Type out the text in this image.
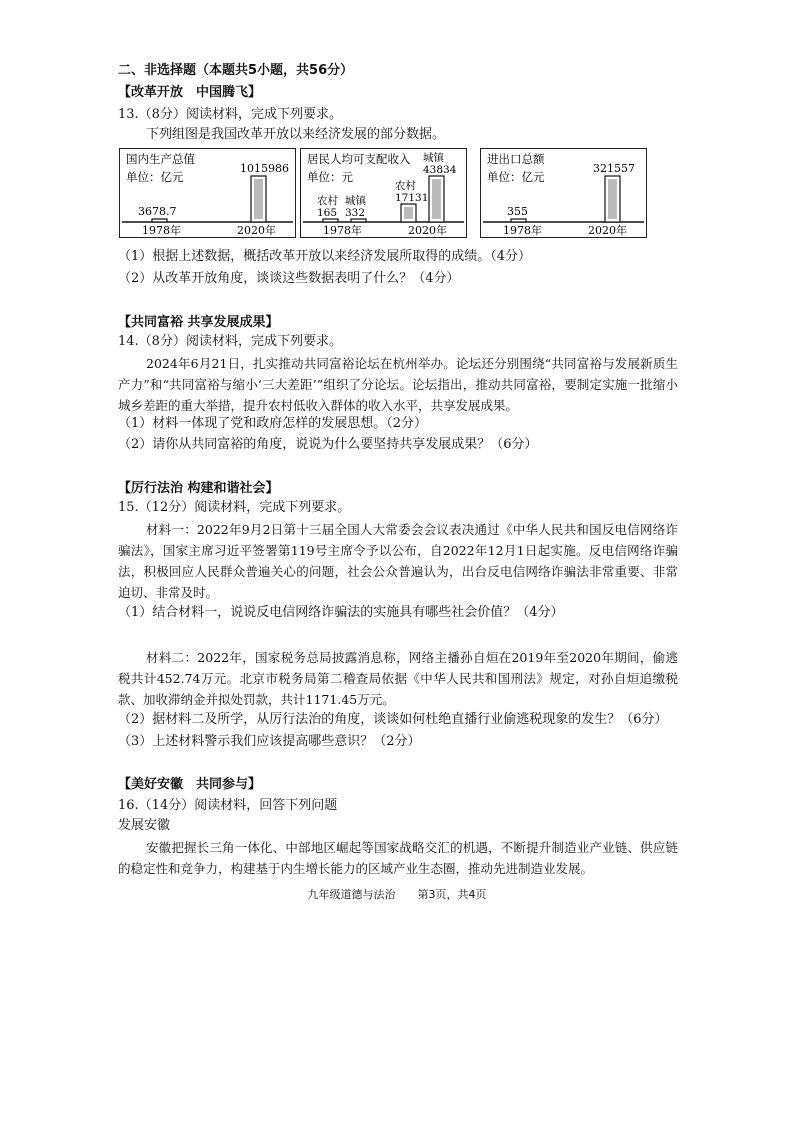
二、非选择题（本题共5小题，共56分）
【改革开放　中国腾飞】
13.（8分）阅读材料，完成下列要求。
下列组图是我国改革开放以来经济发展的部分数据。
国内生产总值
单位：亿元
1978年	2020年
3678.7
1015986
居民人均可支配收入
单位：元
1978年	2020年
165
农村
332
城镇	17131
农村
43834
城镇	进出口总额
单位：亿元
1978年	2020年
355
321557
（1）根据上述数据，概括改革开放以来经济发展所取得的成绩。（4分）
（2）从改革开放角度，谈谈这些数据表明了什么？（4分）
【共同富裕 共享发展成果】
14.（8分）阅读材料，完成下列要求。
2024年6月21日，扎实推动共同富裕论坛在杭州举办。论坛还分别围绕“共同富裕与发展新质生产力”和“共同富裕与缩小‘三大差距’”组织了分论坛。论坛指出，推动共同富裕，要制定实施一批缩小城乡差距的重大举措，提升农村低收入群体的收入水平，共享发展成果。
（1）材料一体现了党和政府怎样的发展思想。（2分）
（2）请你从共同富裕的角度，说说为什么要坚持共享发展成果？（6分）
【厉行法治 构建和谐社会】
15.（12分）阅读材料，完成下列要求。
材料一：2022年9月2日第十三届全国人大常委会会议表决通过《中华人民共和国反电信网络诈骗法》，国家主席习近平签署第119号主席令予以公布，自2022年12月1日起实施。反电信网络诈骗法，积极回应人民群众普遍关心的问题，社会公众普遍认为，出台反电信网络诈骗法非常重要、非常迫切、非常及时。
（1）结合材料一，说说反电信网络诈骗法的实施具有哪些社会价值？（4分）
材料二：2022年，国家税务总局披露消息称，网络主播孙自烜在2019年至2020年期间，偷逃税共计452.74万元。北京市税务局第二稽查局依据《中华人民共和国刑法》规定，对孙自烜追缴税款、加收滞纳金并拟处罚款，共计1171.45万元。
（2）据材料二及所学，从厉行法治的角度，谈谈如何杜绝直播行业偷逃税现象的发生？（6分）
（3）上述材料警示我们应该提高哪些意识？（2分）
【美好安徽　共同参与】
16.（14分）阅读材料，回答下列问题
发展安徽
安徽把握长三角一体化、中部地区崛起等国家战略交汇的机遇，不断提升制造业产业链、供应链的稳定性和竞争力，构建基于内生增长能力的区域产业生态圈，推动先进制造业发展。
九年级道德与法治　　第3页，共4页
